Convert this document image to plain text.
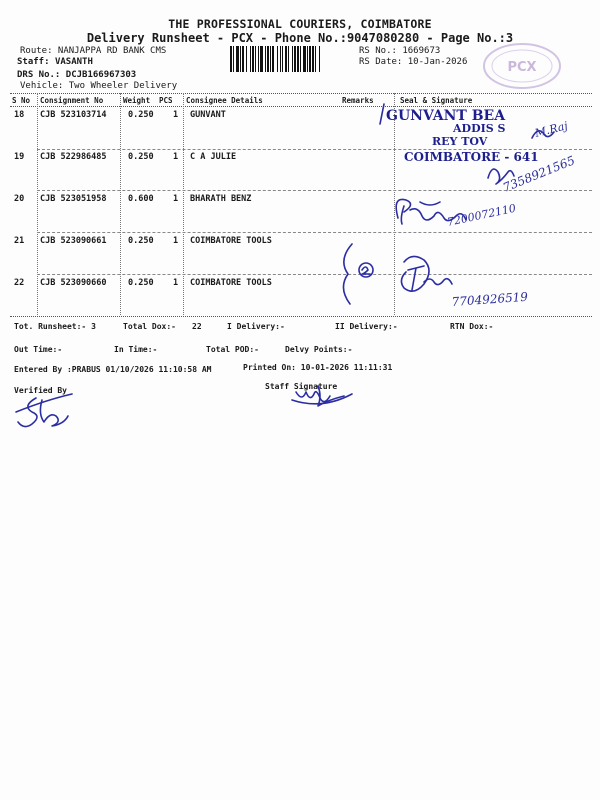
THE PROFESSIONAL COURIERS, COIMBATORE
Delivery Runsheet - PCX - Phone No.:9047080280 - Page No.:3
PCX
Route: NANJAPPA RD BANK CMS
Staff: VASANTH
DRS No.: DCJB166967303
Vehicle: Two Wheeler Delivery
RS No.: 1669673
RS Date: 10-Jan-2026
S No Consignment No	Weight PCS Consignee Details	Remarks	Seal & Signature
18 CJB 523103714	0.250 1 GUNVANT
19 CJB 522986485	0.250 1 C A JULIE
20 CJB 523051958	0.600 1 BHARATH BENZ
21 CJB 523090661	0.250 1 COIMBATORE TOOLS
22 CJB 523090660	0.250 1 COIMBATORE TOOLS
Tot. Runsheet:- 3	Total Dox:- 22	I Delivery:-	II Delivery:-	RTN Dox:-
Out Time:-	In Time:-	Total POD:-	Delvy Points:-
Entered By :PRABUS 01/10/2026 11:10:58 AM	Printed On: 10-01-2026 11:11:31
Verified By	Staff Signature
GUNVANT BEA
ADDIS S
REY TOV
COIMBATORE - 641
M.Raj
7358921565
7200072110
7704926519
